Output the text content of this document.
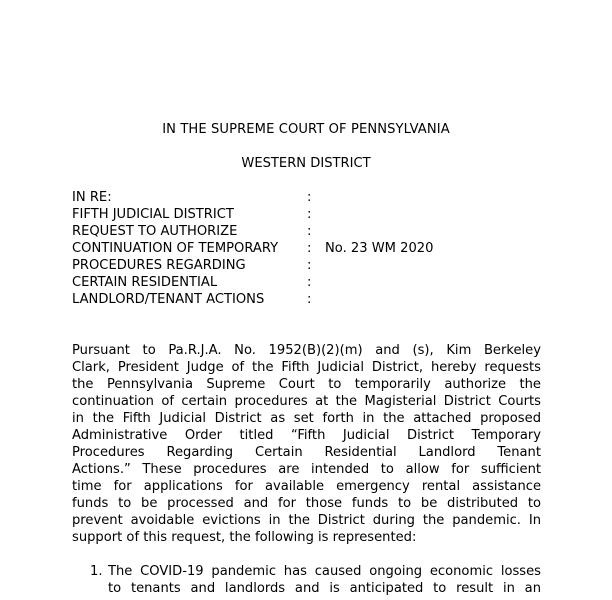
IN THE SUPREME COURT OF PENNSYLVANIA
WESTERN DISTRICT
IN RE:	:
FIFTH JUDICIAL DISTRICT	:
REQUEST TO AUTHORIZE	:
CONTINUATION OF TEMPORARY : No. 23 WM 2020
PROCEDURES REGARDING	:
CERTAIN RESIDENTIAL	:
LANDLORD/TENANT ACTIONS	:
Pursuant to Pa.R.J.A. No. 1952(B)(2)(m) and (s), Kim Berkeley
Clark, President Judge of the Fifth Judicial District, hereby requests
the Pennsylvania Supreme Court to temporarily authorize the
continuation of certain procedures at the Magisterial District Courts
in the Fifth Judicial District as set forth in the attached proposed
Administrative Order titled “Fifth Judicial District Temporary
Procedures Regarding Certain Residential Landlord Tenant
Actions.” These procedures are intended to allow for sufficient
time for applications for available emergency rental assistance
funds to be processed and for those funds to be distributed to
prevent avoidable evictions in the District during the pandemic. In
support of this request, the following is represented:
1. The COVID-19 pandemic has caused ongoing economic losses
to tenants and landlords and is anticipated to result in an
